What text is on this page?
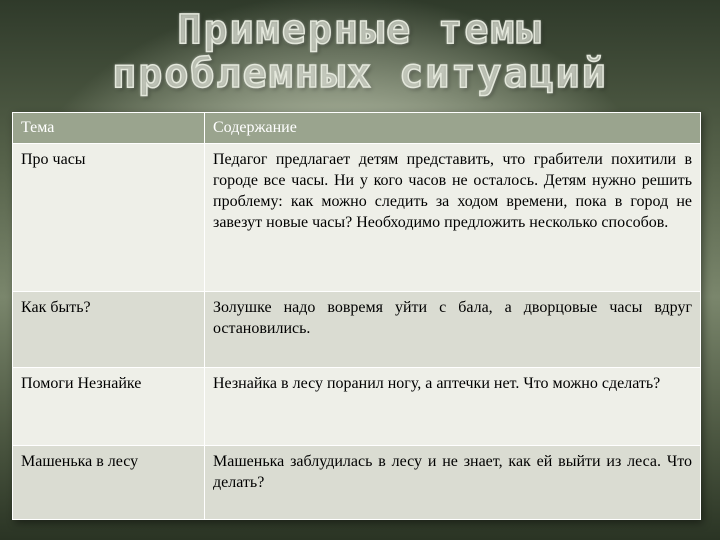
Примерные темы
проблемных ситуаций
Тема	Содержание
Про часы	Педагог предлагает детям представить, что грабители похитили в городе все часы. Ни у кого часов не осталось. Детям нужно решить проблему: как можно следить за ходом времени, пока в город не завезут новые часы? Необходимо предложить несколько способов.
Как быть?	Золушке надо вовремя уйти с бала, а дворцовые часы вдруг остановились.
Помоги Незнайке	Незнайка в лесу поранил ногу, а аптечки нет. Что можно сделать?
Машенька в лесу	Машенька заблудилась в лесу и не знает, как ей выйти из леса. Что делать?
